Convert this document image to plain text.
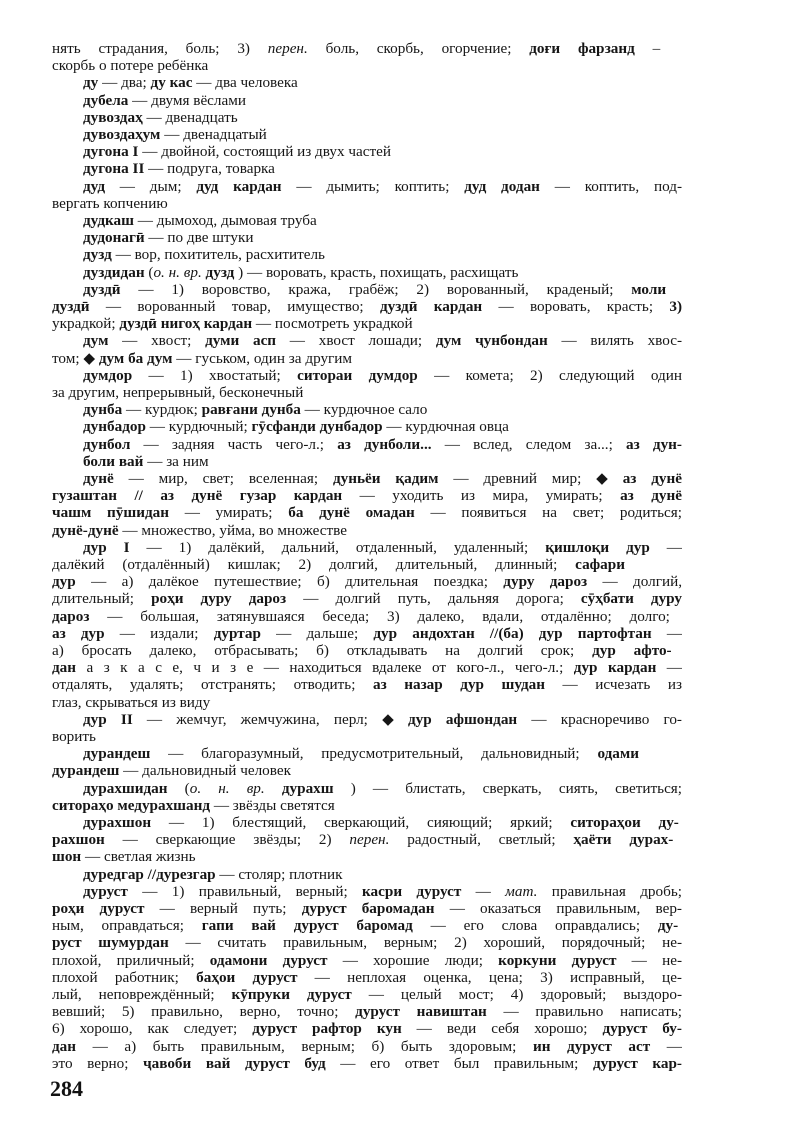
нять страдания, боль; 3) перен. боль, скорбь, огорчение; доғи фарзанд –
скорбь о потере ребёнка
ду — два; ду кас — два человека
дубела — двумя вёслами
дувоздаҳ — двенадцать
дувоздаҳум — двенадцатый
дугона I — двойной, состоящий из двух частей
дугона II — подруга, товарка
дуд — дым; дуд кардан — дымить; коптить; дуд додан — коптить, под-
вергать копчению
дудкаш — дымоход, дымовая труба
дудонагӣ — по две штуки
дузд — вор, похититель, расхититель
дуздидан (о. н. вр. дузд ) — воровать, красть, похищать, расхищать
дуздӣ — 1) воровство, кража, грабёж; 2) ворованный, краденый; моли
дуздӣ — ворованный товар, имущество; дуздӣ кардан — воровать, красть; 3)
украдкой; дуздӣ нигоҳ кардан — посмотреть украдкой
дум — хвост; думи асп — хвост лошади; дум ҷунбондан — вилять хвос-
том; ◆ дум ба дум — гуськом, один за другим
думдор — 1) хвостатый; ситораи думдор — комета; 2) следующий один
за другим, непрерывный, бесконечный
дунба — курдюк; равғани дунба — курдючное сало
дунбадор — курдючный; гӯсфанди дунбадор — курдючная овца
дунбол — задняя часть чего-л.; аз дунболи... — вслед, следом за...; аз дун-
боли вай — за ним
дунё — мир, свет; вселенная; дуньёи қадим — древний мир; ◆ аз дунё
гузаштан // аз дунё гузар кардан — уходить из мира, умирать; аз дунё
чашм пӯшидан — умирать; ба дунё омадан — появиться на свет; родиться;
дунё-дунё — множество, уйма, во множестве
дур I — 1) далёкий, дальний, отдаленный, удаленный; қишлоқи дур —
далёкий (отдалённый) кишлак; 2) долгий, длительный, длинный; сафари
дур — а) далёкое путешествие; б) длительная поездка; дуру дароз — долгий,
длительный; роҳи дуру дароз — долгий путь, дальняя дорога; сӯҳбати дуру
дароз — большая, затянувшаяся беседа; 3) далеко, вдали, отдалённо; долго;
аз дур — издали; дуртар — дальше; дур андохтан //(ба) дур партофтан —
а) бросать далеко, отбрасывать; б) откладывать на долгий срок; дур афто-
дан а з к а с е, ч и з е — находиться вдалеке от кого-л., чего-л.; дур кардан —
отдалять, удалять; отстранять; отводить; аз назар дур шудан — исчезать из
глаз, скрываться из виду
дур II — жемчуг, жемчужина, перл; ◆ дур афшондан — красноречиво го-
ворить
дурандеш — благоразумный, предусмотрительный, дальновидный; одами
дурандеш — дальновидный человек
дурахшидан (о. н. вр. дурахш ) — блистать, сверкать, сиять, светиться;
ситораҳо медурахшанд — звёзды светятся
дурахшон — 1) блестящий, сверкающий, сияющий; яркий; ситораҳои ду-
рахшон — сверкающие звёзды; 2) перен. радостный, светлый; ҳаёти дурах-
шон — светлая жизнь
дуредгар //дурезгар — столяр; плотник
дуруст — 1) правильный, верный; касри дуруст — мат. правильная дробь;
роҳи дуруст — верный путь; дуруст баромадан — оказаться правильным, вер-
ным, оправдаться; гапи вай дуруст баромад — его слова оправдались; ду-
руст шумурдан — считать правильным, верным; 2) хороший, порядочный; не-
плохой, приличный; одамони дуруст — хорошие люди; коркуни дуруст — не-
плохой работник; баҳои дуруст — неплохая оценка, цена; 3) исправный, це-
лый, неповреждённый; кӯпруки дуруст — целый мост; 4) здоровый; выздоро-
вевший; 5) правильно, верно, точно; дуруст навиштан — правильно написать;
6) хорошо, как следует; дуруст рафтор кун — веди себя хорошо; дуруст бу-
дан — а) быть правильным, верным; б) быть здоровым; ин дуруст аст —
это верно; ҷавоби вай дуруст буд — его ответ был правильным; дуруст кар-
284
